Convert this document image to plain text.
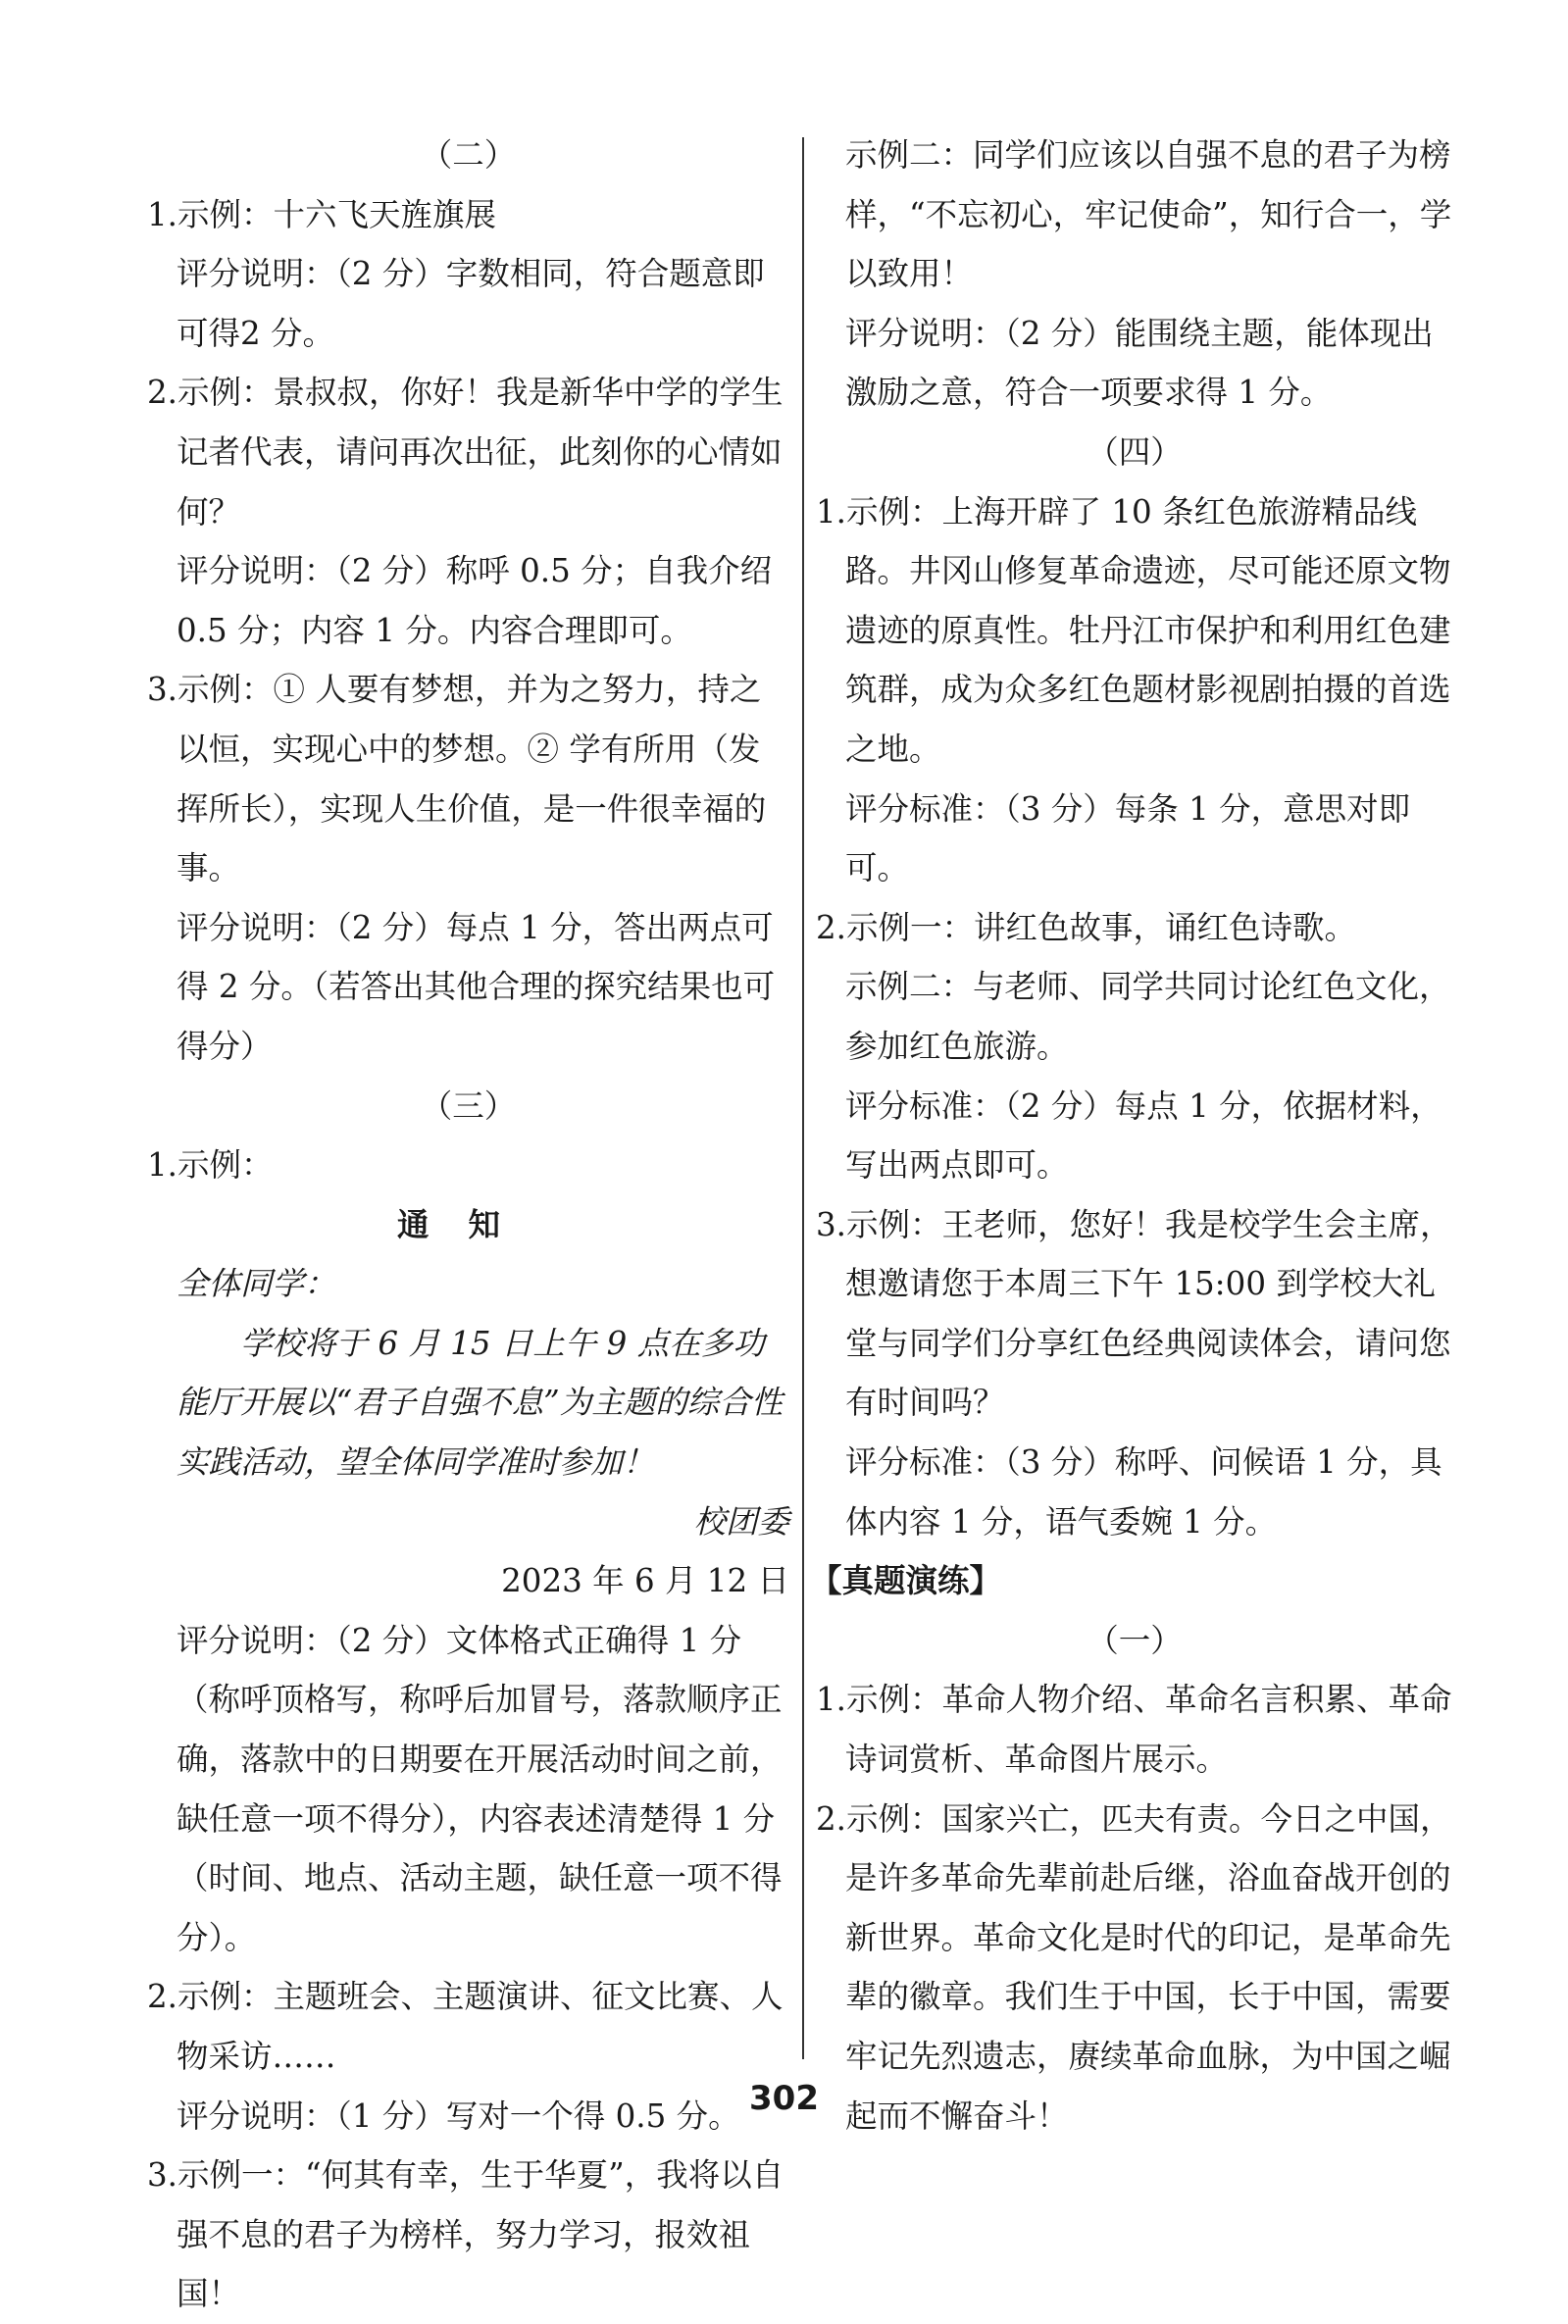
（二）

1.示例：十六飞天旌旗展

评分说明：（2 分）字数相同，符合题意即可得2 分。

2.示例：景叔叔，你好！我是新华中学的学生记者代表，请问再次出征，此刻你的心情如何？

评分说明：（2 分）称呼 0.5 分；自我介绍 0.5 分；内容 1 分。内容合理即可。

3.示例：① 人要有梦想，并为之努力，持之以恒，实现心中的梦想。② 学有所用（发挥所长），实现人生价值，是一件很幸福的事。

评分说明：（2 分）每点 1 分，答出两点可得 2 分。（若答出其他合理的探究结果也可得分）

（三）

1.示例：

通知

全体同学：

学校将于 6 月 15 日上午 9 点在多功能厅开展以“君子自强不息”为主题的综合性实践活动，望全体同学准时参加！

校团委

2023 年 6 月 12 日

评分说明：（2 分）文体格式正确得 1 分（称呼顶格写，称呼后加冒号，落款顺序正确，落款中的日期要在开展活动时间之前，缺任意一项不得分），内容表述清楚得 1 分（时间、地点、活动主题，缺任意一项不得分）。

2.示例：主题班会、主题演讲、征文比赛、人物采访……

评分说明：（1 分）写对一个得 0.5 分。

3.示例一：“何其有幸，生于华夏”，我将以自强不息的君子为榜样，努力学习，报效祖国！

示例二：同学们应该以自强不息的君子为榜样，“不忘初心，牢记使命”，知行合一，学以致用！

评分说明：（2 分）能围绕主题，能体现出激励之意，符合一项要求得 1 分。

（四）

1.示例：上海开辟了 10 条红色旅游精品线路。井冈山修复革命遗迹，尽可能还原文物遗迹的原真性。牡丹江市保护和利用红色建筑群，成为众多红色题材影视剧拍摄的首选之地。

评分标准：（3 分）每条 1 分，意思对即可。

2.示例一：讲红色故事，诵红色诗歌。

示例二：与老师、同学共同讨论红色文化，参加红色旅游。

评分标准：（2 分）每点 1 分，依据材料，写出两点即可。

3.示例：王老师，您好！我是校学生会主席，想邀请您于本周三下午 15:00 到学校大礼堂与同学们分享红色经典阅读体会，请问您有时间吗？

评分标准：（3 分）称呼、问候语 1 分，具体内容 1 分，语气委婉 1 分。

【真题演练】

（一）

1.示例：革命人物介绍、革命名言积累、革命诗词赏析、革命图片展示。

2.示例：国家兴亡，匹夫有责。今日之中国，是许多革命先辈前赴后继，浴血奋战开创的新世界。革命文化是时代的印记，是革命先辈的徽章。我们生于中国，长于中国，需要牢记先烈遗志，赓续革命血脉，为中国之崛起而不懈奋斗！

302
